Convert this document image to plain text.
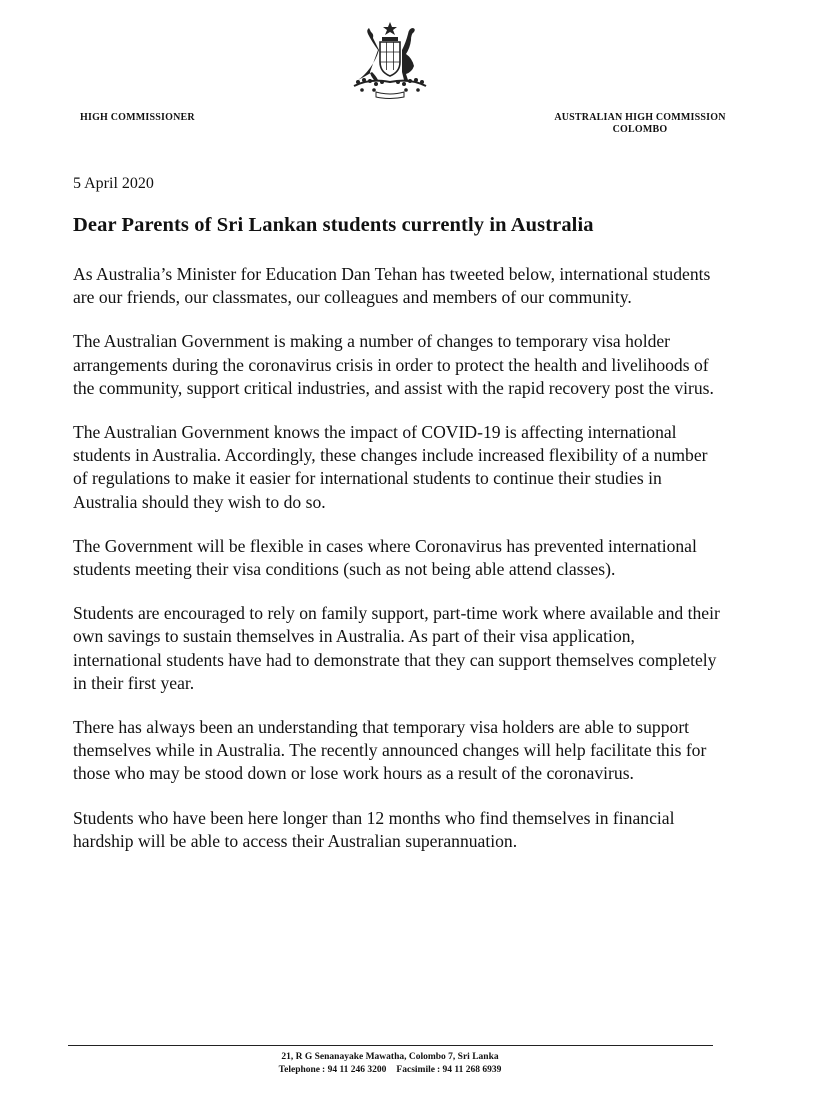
HIGH COMMISSIONER	AUSTRALIAN HIGH COMMISSION
COLOMBO
5 April 2020
Dear Parents of Sri Lankan students currently in Australia

As Australia’s Minister for Education Dan Tehan has tweeted below, international students are our friends, our classmates, our colleagues and members of our community.

The Australian Government is making a number of changes to temporary visa holder arrangements during the coronavirus crisis in order to protect the health and livelihoods of the community, support critical industries, and assist with the rapid recovery post the virus.

The Australian Government knows the impact of COVID-19 is affecting international students in Australia. Accordingly, these changes include increased flexibility of a number of regulations to make it easier for international students to continue their studies in Australia should they wish to do so.

The Government will be flexible in cases where Coronavirus has prevented international students meeting their visa conditions (such as not being able attend classes).

Students are encouraged to rely on family support, part-time work where available and their own savings to sustain themselves in Australia. As part of their visa application, international students have had to demonstrate that they can support themselves completely in their first year.

There has always been an understanding that temporary visa holders are able to support themselves while in Australia. The recently announced changes will help facilitate this for those who may be stood down or lose work hours as a result of the coronavirus.

Students who have been here longer than 12 months who find themselves in financial hardship will be able to access their Australian superannuation.

21, R G Senanayake Mawatha, Colombo 7, Sri Lanka
Telephone : 94 11 246 3200 Facsimile : 94 11 268 6939
